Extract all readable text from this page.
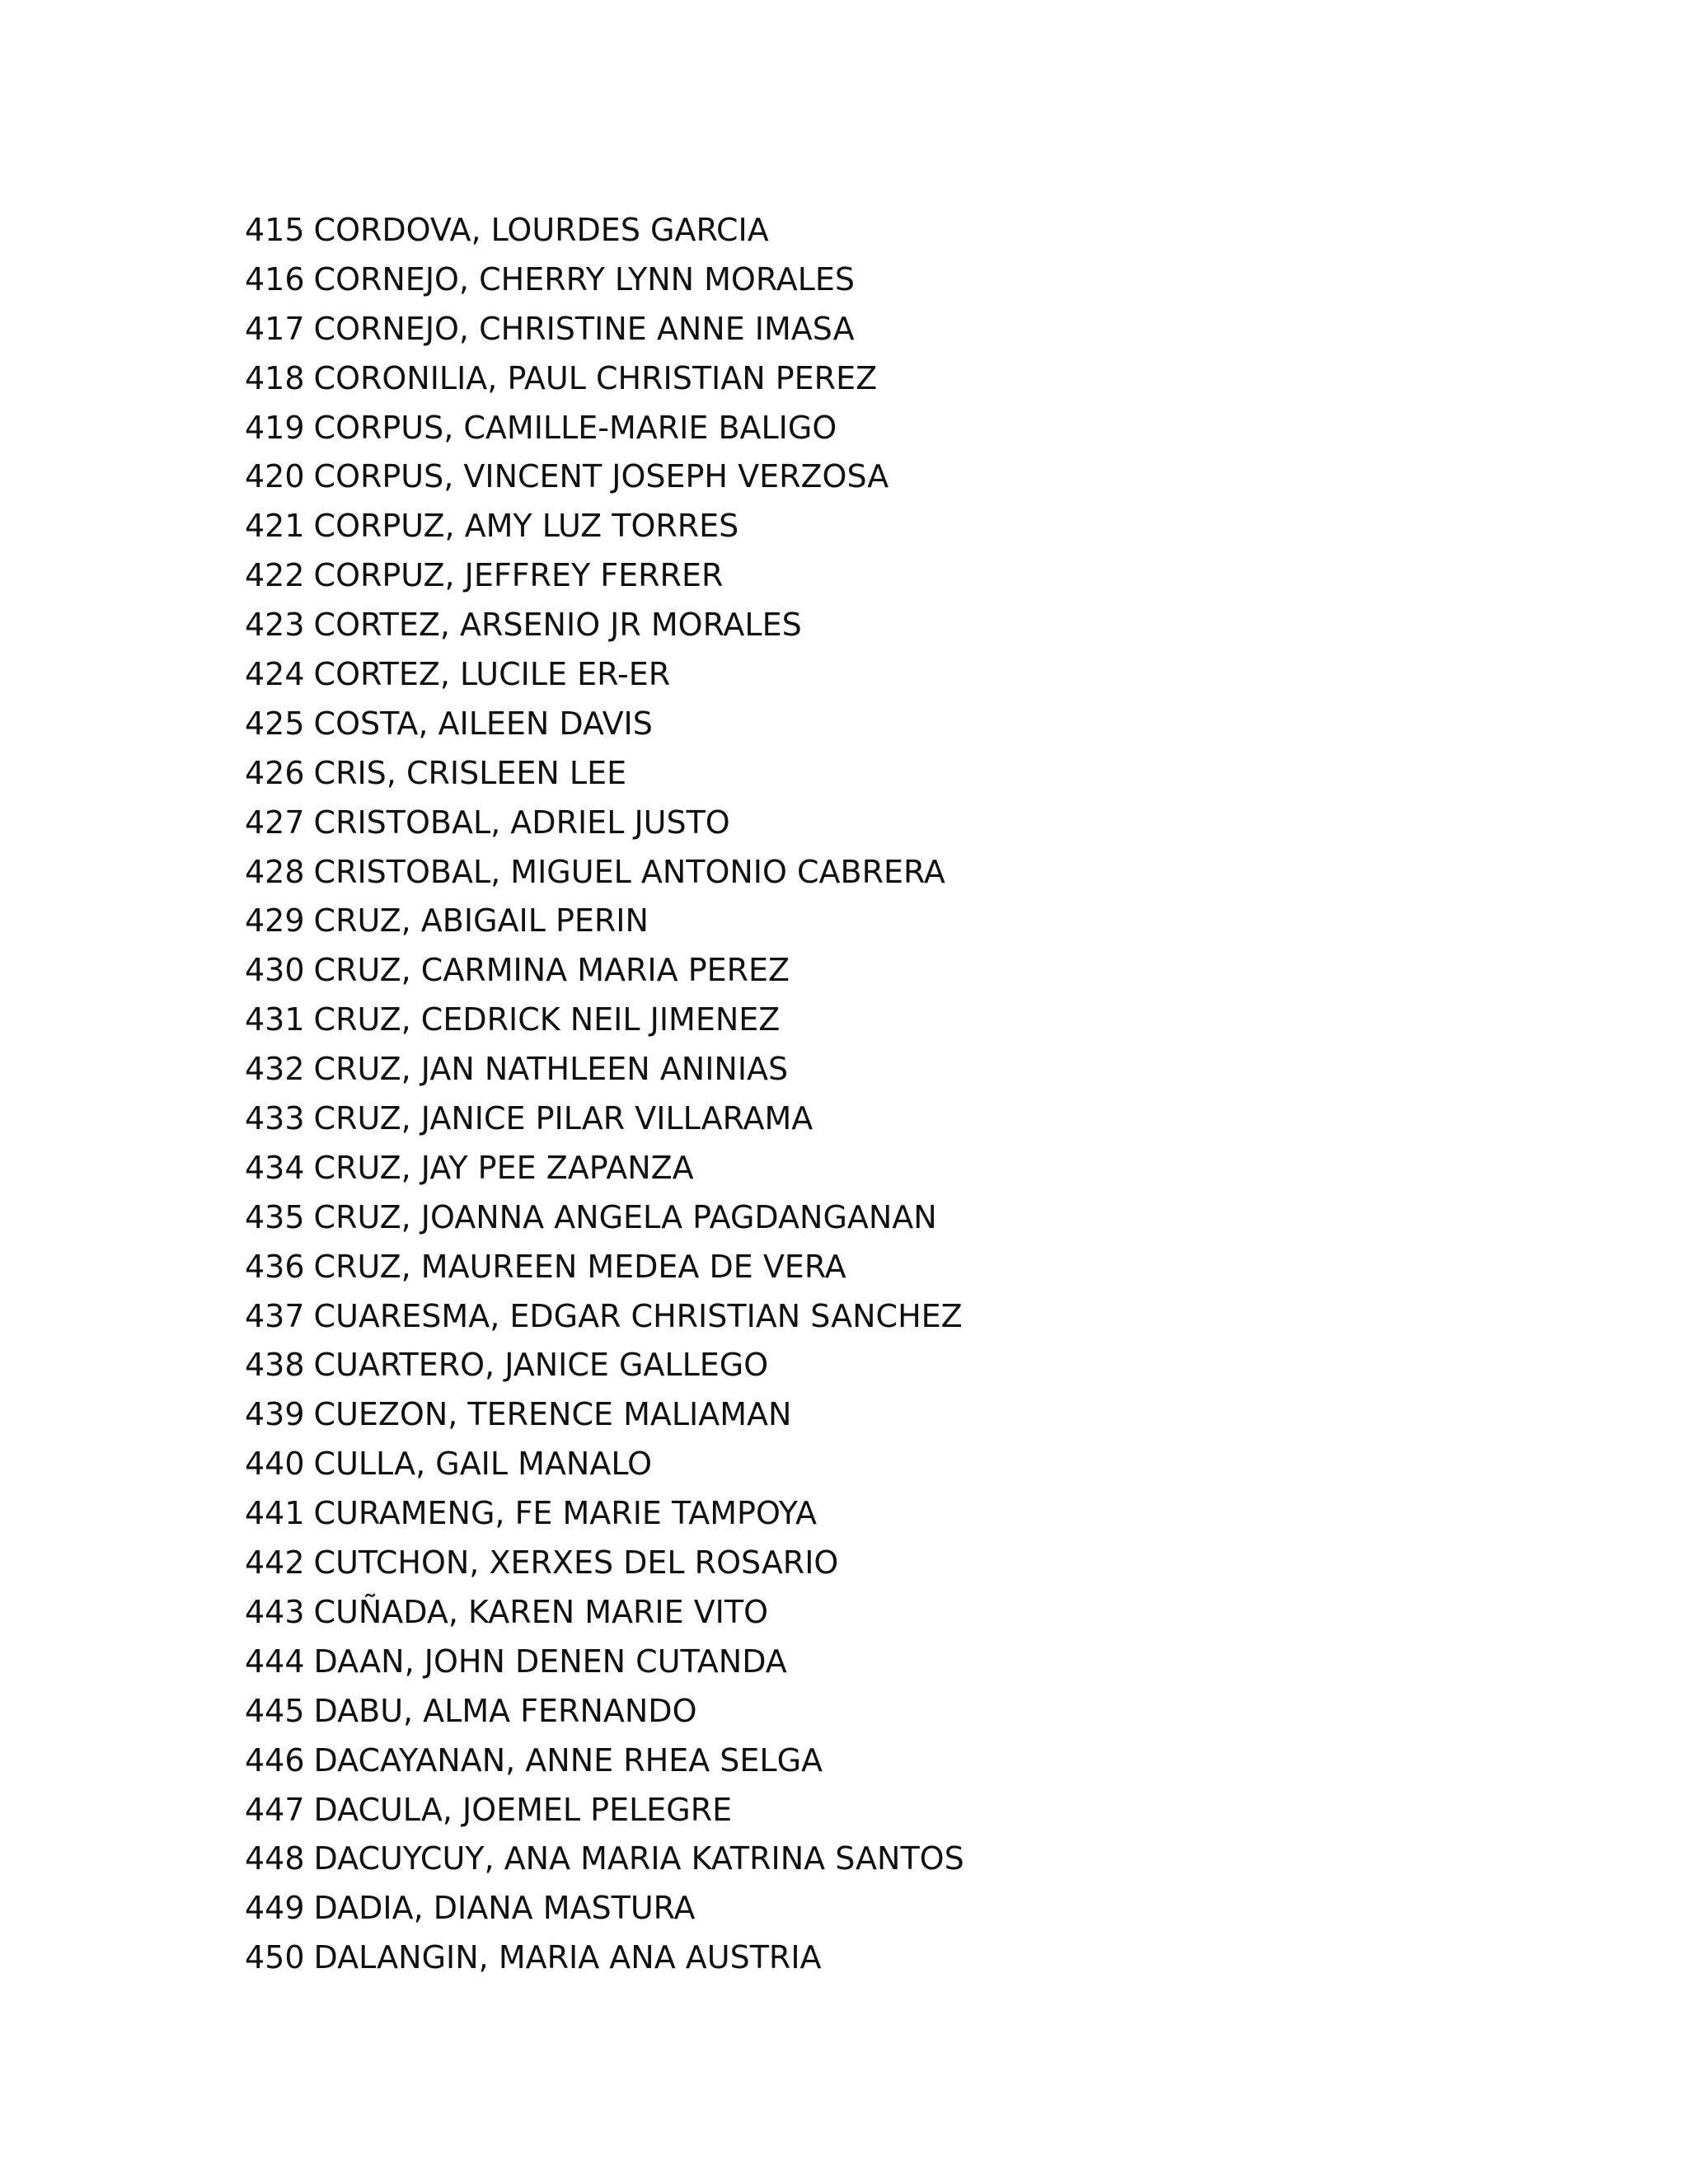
415 CORDOVA, LOURDES GARCIA
416 CORNEJO, CHERRY LYNN MORALES
417 CORNEJO, CHRISTINE ANNE IMASA
418 CORONILIA, PAUL CHRISTIAN PEREZ
419 CORPUS, CAMILLE-MARIE BALIGO
420 CORPUS, VINCENT JOSEPH VERZOSA
421 CORPUZ, AMY LUZ TORRES
422 CORPUZ, JEFFREY FERRER
423 CORTEZ, ARSENIO JR MORALES
424 CORTEZ, LUCILE ER-ER
425 COSTA, AILEEN DAVIS
426 CRIS, CRISLEEN LEE
427 CRISTOBAL, ADRIEL JUSTO
428 CRISTOBAL, MIGUEL ANTONIO CABRERA
429 CRUZ, ABIGAIL PERIN
430 CRUZ, CARMINA MARIA PEREZ
431 CRUZ, CEDRICK NEIL JIMENEZ
432 CRUZ, JAN NATHLEEN ANINIAS
433 CRUZ, JANICE PILAR VILLARAMA
434 CRUZ, JAY PEE ZAPANZA
435 CRUZ, JOANNA ANGELA PAGDANGANAN
436 CRUZ, MAUREEN MEDEA DE VERA
437 CUARESMA, EDGAR CHRISTIAN SANCHEZ
438 CUARTERO, JANICE GALLEGO
439 CUEZON, TERENCE MALIAMAN
440 CULLA, GAIL MANALO
441 CURAMENG, FE MARIE TAMPOYA
442 CUTCHON, XERXES DEL ROSARIO
443 CUÑADA, KAREN MARIE VITO
444 DAAN, JOHN DENEN CUTANDA
445 DABU, ALMA FERNANDO
446 DACAYANAN, ANNE RHEA SELGA
447 DACULA, JOEMEL PELEGRE
448 DACUYCUY, ANA MARIA KATRINA SANTOS
449 DADIA, DIANA MASTURA
450 DALANGIN, MARIA ANA AUSTRIA
